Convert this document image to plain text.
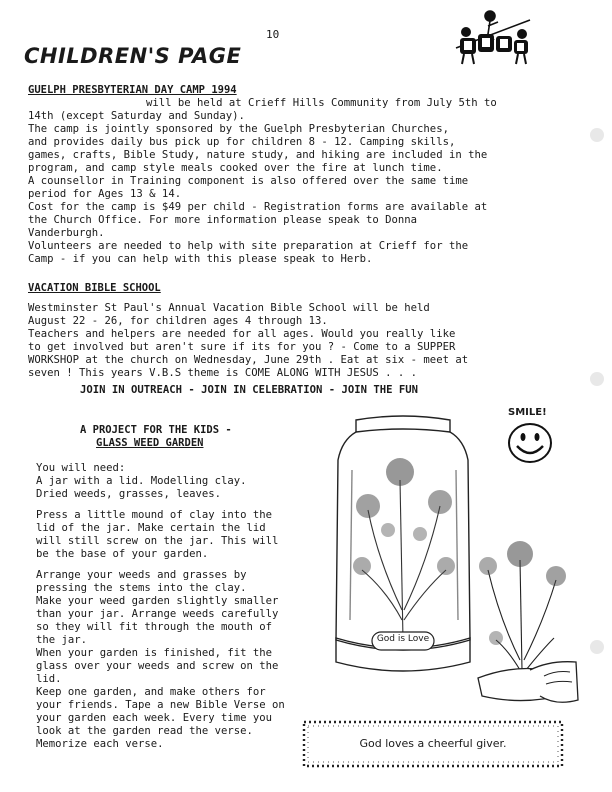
10
CHILDREN'S PAGE
GUELPH PRESBYTERIAN DAY CAMP 1994
will be held at Crieff Hills Community from July 5th to
14th (except Saturday and Sunday).
The camp is jointly sponsored by the Guelph Presbyterian Churches,
and provides daily bus pick up for children 8 - 12. Camping skills,
games, crafts, Bible Study, nature study, and hiking are included in the
program, and camp style meals cooked over the fire at lunch time.
A counsellor in Training component is also offered over the same time
period for Ages 13 & 14.
Cost for the camp is $49 per child - Registration forms are available at
the Church Office. For more information please speak to Donna
Vanderburgh.
Volunteers are needed to help with site preparation at Crieff for the
Camp - if you can help with this please speak to Herb.
VACATION BIBLE SCHOOL
Westminster St Paul's Annual Vacation Bible School will be held
August 22 - 26, for children ages 4 through 13.
Teachers and helpers are needed for all ages. Would you really like
to get involved but aren't sure if its for you ? - Come to a SUPPER
WORKSHOP at the church on Wednesday, June 29th . Eat at six - meet at
seven ! This years V.B.S theme is COME ALONG WITH JESUS . . .
JOIN IN OUTREACH - JOIN IN CELEBRATION - JOIN THE FUN
A PROJECT FOR THE KIDS -
GLASS WEED GARDEN
You will need:
A jar with a lid. Modelling clay.
Dried weeds, grasses, leaves.
Press a little mound of clay into the
lid of the jar. Make certain the lid
will still screw on the jar. This will
be the base of your garden.
Arrange your weeds and grasses by
pressing the stems into the clay.
Make your weed garden slightly smaller
than your jar. Arrange weeds carefully
so they will fit through the mouth of
the jar.
When your garden is finished, fit the
glass over your weeds and screw on the
lid.
Keep one garden, and make others for
your friends. Tape a new Bible Verse on
your garden each week. Every time you
look at the garden read the verse.
Memorize each verse.
SMILE!
God is Love
God loves a cheerful giver.
